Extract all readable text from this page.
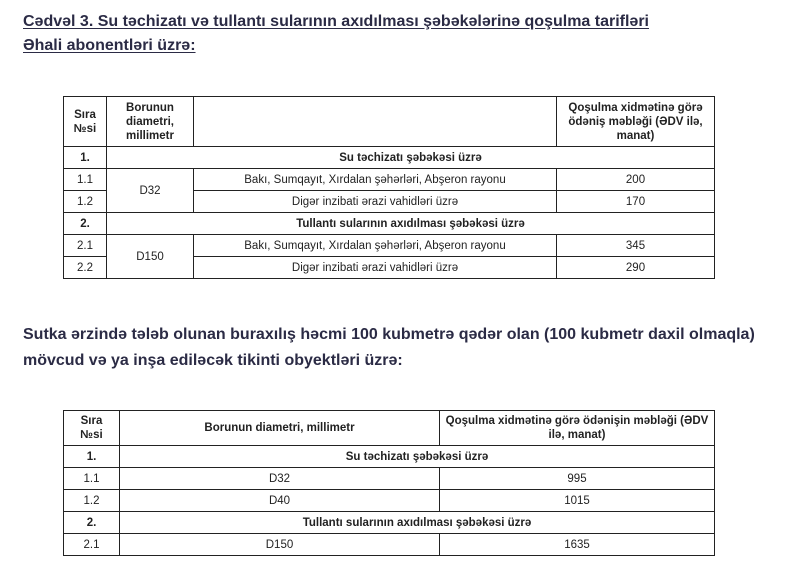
Cədvəl 3. Su təchizatı və tullantı sularının axıdılması şəbəkələrinə qoşulma tarifləri
Əhali abonentləri üzrə:
Sıra №si	Borunun diametri, millimetr		Qoşulma xidmətinə görə ödəniş məbləği (ƏDV ilə, manat)
1.	Su təchizatı şəbəkəsi üzrə		
1.1	D32	Bakı, Sumqayıt, Xırdalan şəhərləri, Abşeron rayonu	200
1.2		Digər inzibati ərazi vahidləri üzrə	170
2.	Tullantı sularının axıdılması şəbəkəsi üzrə		
2.1	D150	Bakı, Sumqayıt, Xırdalan şəhərləri, Abşeron rayonu	345
2.2		Digər inzibati ərazi vahidləri üzrə	290

Sutka ərzində tələb olunan buraxılış həcmi 100 kubmetrə qədər olan (100 kubmetr daxil olmaqla) mövcud və ya inşa ediləcək tikinti obyektləri üzrə:

Sıra №si	Borunun diametri, millimetr	Qoşulma xidmətinə görə ödənişin məbləği (ƏDV ilə, manat)
1.	Su təchizatı şəbəkəsi üzrə	
1.1	D32	995
1.2	D40	1015
2.	Tullantı sularının axıdılması şəbəkəsi üzrə	
2.1	D150	1635
